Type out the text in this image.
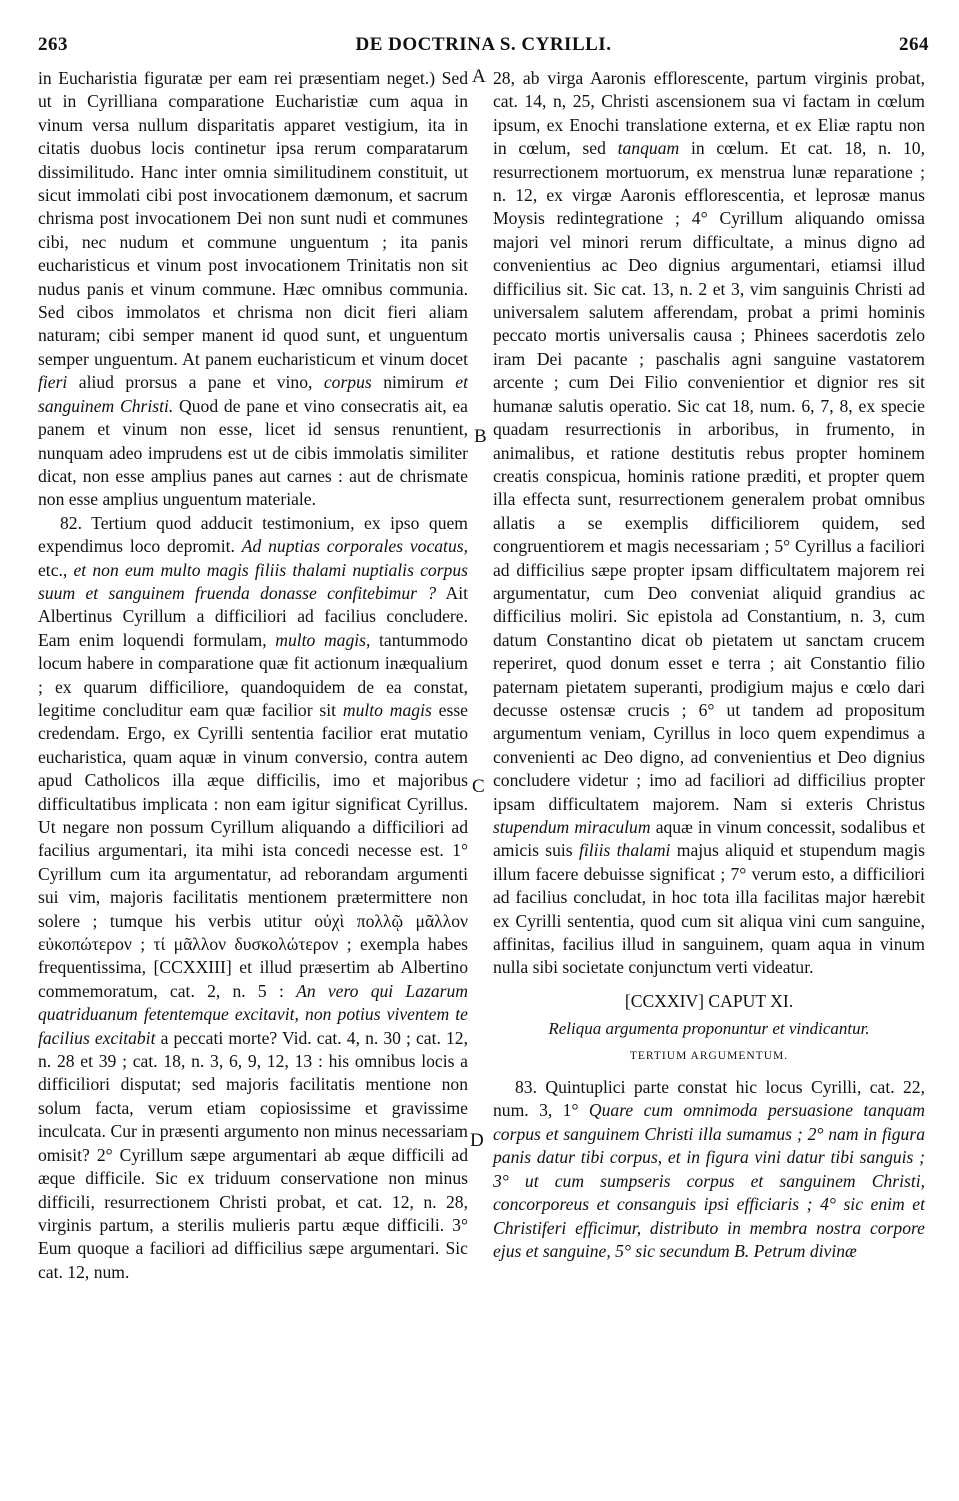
263	DE DOCTRINA S. CYRILLI.	264
A
B
C
D

in Eucharistia figuratæ per eam rei præsentiam neget.) Sed ut in Cyrilliana comparatione Eucharistiæ cum aqua in vinum versa nullum disparitatis apparet vestigium, ita in citatis duobus locis continetur ipsa rerum comparatarum dissimilitudo. Hanc inter omnia similitudinem constituit, ut sicut immolati cibi post invocationem dæmonum, et sacrum chrisma post invocationem Dei non sunt nudi et communes cibi, nec nudum et commune unguentum ; ita panis eucharisticus et vinum post invocationem Trinitatis non sit nudus panis et vinum commune. Hæc omnibus communia. Sed cibos immolatos et chrisma non dicit fieri aliam naturam; cibi semper manent id quod sunt, et unguentum semper unguentum. At panem eucharisticum et vinum docet fieri aliud prorsus a pane et vino, corpus nimirum et sanguinem Christi. Quod de pane et vino consecratis ait, ea panem et vinum non esse, licet id sensus renuntient, nunquam adeo imprudens est ut de cibis immolatis similiter dicat, non esse amplius panes aut carnes : aut de chrismate non esse amplius unguentum materiale.

82. Tertium quod adducit testimonium, ex ipso quem expendimus loco depromit. Ad nuptias corporales vocatus, etc., et non eum multo magis filiis thalami nuptialis corpus suum et sanguinem fruenda donasse confitebimur ? Ait Albertinus Cyrillum a difficiliori ad facilius concludere. Eam enim loquendi formulam, multo magis, tantummodo locum habere in comparatione quæ fit actionum inæqualium ; ex quarum difficiliore, quandoquidem de ea constat, legitime concluditur eam quæ facilior sit multo magis esse credendam. Ergo, ex Cyrilli sententia facilior erat mutatio eucharistica, quam aquæ in vinum conversio, contra autem apud Catholicos illa æque difficilis, imo et majoribus difficultatibus implicata : non eam igitur significat Cyrillus. Ut negare non possum Cyrillum aliquando a difficiliori ad facilius argumentari, ita mihi ista concedi necesse est. 1° Cyrillum cum ita argumentatur, ad reborandam argumenti sui vim, majoris facilitatis mentionem prætermittere non solere ; tumque his verbis utitur οὐχὶ πολλῷ μᾶλλον εὐκοπώτερον ; τί μᾶλλον δυσκολώτερον ; exempla habes frequentissima, [CCXXIII] et illud præsertim ab Albertino commemoratum, cat. 2, n. 5 : An vero qui Lazarum quatriduanum fetentemque excitavit, non potius viventem te facilius excitabit a peccati morte? Vid. cat. 4, n. 30 ; cat. 12, n. 28 et 39 ; cat. 18, n. 3, 6, 9, 12, 13 : his omnibus locis a difficiliori disputat; sed majoris facilitatis mentione non solum facta, verum etiam copiosissime et gravissime inculcata. Cur in præsenti argumento non minus necessariam omisit? 2° Cyrillum sæpe argumentari ab æque difficili ad æque difficile. Sic ex triduum conservatione non minus difficili, resurrectionem Christi probat, et cat. 12, n. 28, virginis partum, a sterilis mulieris partu æque difficili. 3° Eum quoque a faciliori ad difficilius sæpe argumentari. Sic cat. 12, num.

28, ab virga Aaronis efflorescente, partum virginis probat, cat. 14, n, 25, Christi ascensionem sua vi factam in cœlum ipsum, ex Enochi translatione externa, et ex Eliæ raptu non in cœlum, sed tanquam in cœlum. Et cat. 18, n. 10, resurrectionem mortuorum, ex menstrua lunæ reparatione ; n. 12, ex virgæ Aaronis efflorescentia, et leprosæ manus Moysis redintegratione ; 4° Cyrillum aliquando omissa majori vel minori rerum difficultate, a minus digno ad convenientius ac Deo dignius argumentari, etiamsi illud difficilius sit. Sic cat. 13, n. 2 et 3, vim sanguinis Christi ad universalem salutem afferendam, probat a primi hominis peccato mortis universalis causa ; Phinees sacerdotis zelo iram Dei pacante ; paschalis agni sanguine vastatorem arcente ; cum Dei Filio convenientior et dignior res sit humanæ salutis operatio. Sic cat 18, num. 6, 7, 8, ex specie quadam resurrectionis in arboribus, in frumento, in animalibus, et ratione destitutis rebus propter hominem creatis conspicua, hominis ratione præditi, et propter quem illa effecta sunt, resurrectionem generalem probat omnibus allatis a se exemplis difficiliorem quidem, sed congruentiorem et magis necessariam ; 5° Cyrillus a faciliori ad difficilius sæpe propter ipsam difficultatem majorem rei argumentatur, cum Deo conveniat aliquid grandius ac difficilius moliri. Sic epistola ad Constantium, n. 3, cum datum Constantino dicat ob pietatem ut sanctam crucem reperiret, quod donum esset e terra ; ait Constantio filio paternam pietatem superanti, prodigium majus e cœlo dari decusse ostensæ crucis ; 6° ut tandem ad propositum argumentum veniam, Cyrillus in loco quem expendimus a convenienti ac Deo digno, ad convenientius et Deo dignius concludere videtur ; imo ad faciliori ad difficilius propter ipsam difficultatem majorem. Nam si exteris Christus stupendum miraculum aquæ in vinum concessit, sodalibus et amicis suis filiis thalami majus aliquid et stupendum magis illum facere debuisse significat ; 7° verum esto, a difficiliori ad facilius concludat, in hoc tota illa facilitas major hærebit ex Cyrilli sententia, quod cum sit aliqua vini cum sanguine, affinitas, facilius illud in sanguinem, quam aqua in vinum nulla sibi societate conjunctum verti videatur.

[CCXXIV] CAPUT XI.
Reliqua argumenta proponuntur et vindicantur.
TERTIUM ARGUMENTUM.

83. Quintuplici parte constat hic locus Cyrilli, cat. 22, num. 3, 1° Quare cum omnimoda persuasione tanquam corpus et sanguinem Christi illa sumamus ; 2° nam in figura panis datur tibi corpus, et in figura vini datur tibi sanguis ; 3° ut cum sumpseris corpus et sanguinem Christi, concorporeus et consanguis ipsi efficiaris ; 4° sic enim et Christiferi efficimur, distributo in membra nostra corpore ejus et sanguine, 5° sic secundum B. Petrum divinæ
